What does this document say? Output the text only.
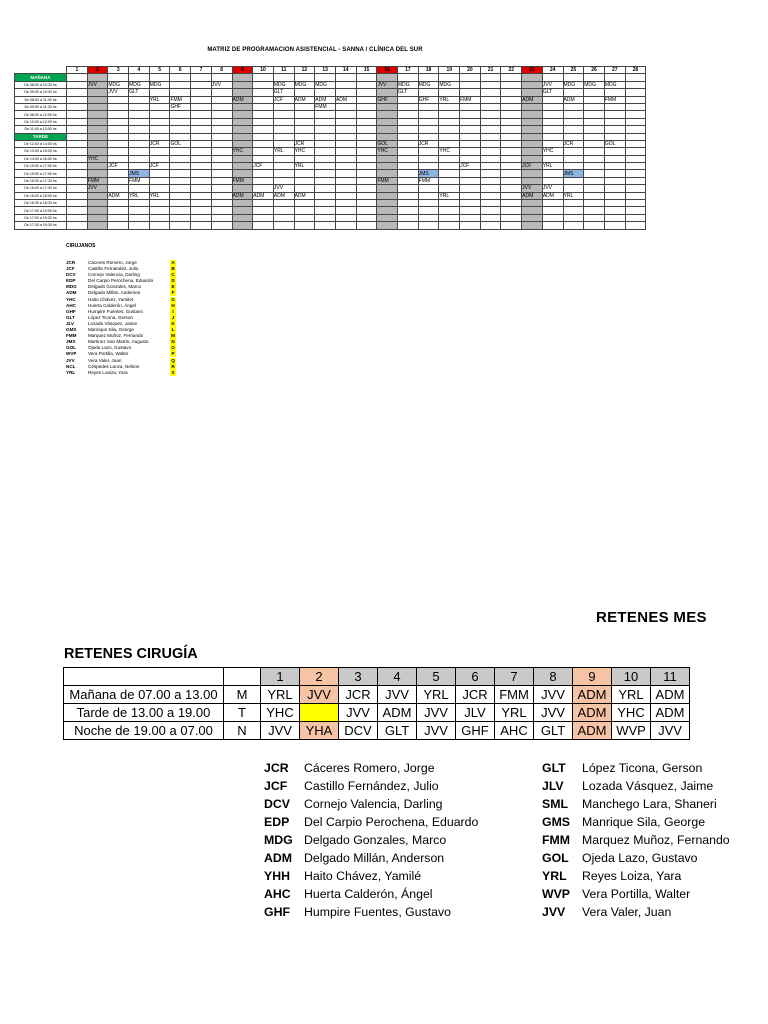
MATRIZ DE PROGRAMACION ASISTENCIAL - SANNA / CLÍNICA DEL SUR
	1	2	3	4	5	6	7	8	9	10	11	12	13	14	15	16	17	18	19	20	21	22	23	24	25	26	27	28
MAÑANA																												
De 08:00 a 10:30 hs		JVV	MDG	MDG	MDG			JVV			MDG	MDG	MDG			JVV	MDG	MDG	MDG					JVV	MDG	MDG	MDG	
De 09:00 a 10:30 hs			JVV	GLT							GLT						GLT							GLT				
De 08:00 a 11:00 hs					YRL	FMM			ADM		JCF	ADM	ADM	ADM		GHF		GHF	YRL	FMM			ADM		ADM		FMM	
De 09:00 a 11:30 hs						GHF							FMM															
De 08:00 a 12:00 hs																												
De 10:00 a 12:00 hs																												
De 11:00 a 13:00 hs																												
TARDE																												
De 12:00 a 14:00 hs					JCR	GOL						JCR				GOL		JCR							JCR		GOL	
De 13:00 a 15:00 hs									YHC		YRL	YHC				YHC			YHC					YHC				
De 14:00 a 16:00 hs		YHC																										
De 15:00 a 17:00 hs			JCF		JCF					JCF		YRL								JCF			JCF	YRL				
De 15:00 a 17:00 hs				JMS														JMS							JMS			
De 15:30 a 17:30 hs		FMM		FMM					FMM							FMM		FMM										
De 16:00 a 17:30 hs		JVV									JVV												JVV	JVV				
De 16:00 a 18:00 hs			ADM	YRL	YRL				ADM	ADM	ADM	ADM							YRL				ADM	ADM	YRL			
De 16:30 a 18:30 hs																												
De 17:00 a 19:00 hs																												
De 17:00 a 19:30 hs																												
De 17:30 a 19:30 hs																												
CIRUJANOS
JCR	Cáceres Romero, Jorge	A
JCF	Castillo Fernández, Julio	B
DCV	Cornejo Valencia, Darling	C
EDP	Del Carpio Perochena, Eduardo	D
MDG Delgado Gonzales, Marco	E
ADM	Delgado Millán, Anderson	F
YHC	Haito Chávez, Yamilet	G
AHC	Huerta Calderón, Ángel	H
GHF	Humpire Fuentes, Gustavo	I
GLT	López Ticona, Gerson	J
JLV	Lozada Vásquez, Jaime	K
GMS	Manrique Sila, George	L
FMM	Marquez Muñoz, Fernando	M
JMS	Martinez San Martín, Augusto	N
GOL	Ojeda Lazo, Gustavo	O
WVP	Vera Portilla, Walter	P
JVV	Vera Valer, Juan	Q
NCL	Céspedes Lanza, Nelson	R
YRL	Reyes Loaiza, Yara	S
RETENES MES
RETENES CIRUGÍA
		1	2	3	4	5	6	7	8	9	10	11
Mañana de 07.00 a 13.00	M	YRL	JVV	JCR	JVV	YRL	JCR	FMM	JVV	ADM	YRL	ADM
Tarde de 13.00 a 19.00	T	YHC		JVV	ADM	JVV	JLV	YRL	JVV	ADM	YHC	ADM
Noche de 19.00 a 07.00	N	JVV	YHA	DCV	GLT	JVV	GHF	AHC	GLT	ADM	WVP	JVV
JCR Cáceres Romero, Jorge
JCF Castillo Fernández, Julio
DCV Cornejo Valencia, Darling
EDP Del Carpio Perochena, Eduardo
MDG Delgado Gonzales, Marco
ADM Delgado Millán, Anderson
YHH Haito Chávez, Yamilé
AHC Huerta Calderón, Ángel
GHF Humpire Fuentes, Gustavo
GLT López Ticona, Gerson
JLV Lozada Vásquez, Jaime
SML Manchego Lara, Shaneri
GMS Manrique Sila, George
FMM Marquez Muñoz, Fernando
GOL Ojeda Lazo, Gustavo
YRL Reyes Loiza, Yara
WVP Vera Portilla, Walter
JVV Vera Valer, Juan
